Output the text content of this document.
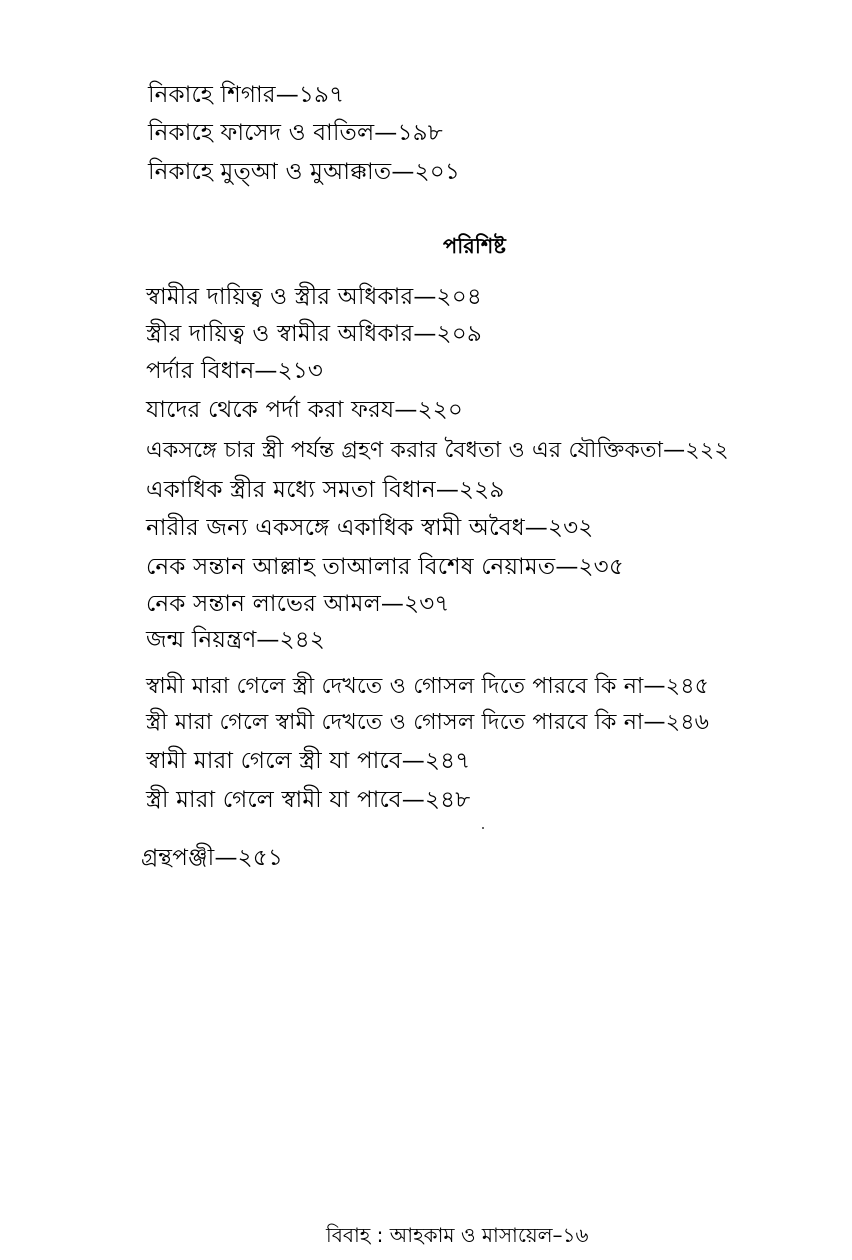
নিকাহে শিগার—১৯৭
নিকাহে ফাসেদ ও বাতিল—১৯৮
নিকাহে মুত্‌আ ও মুআক্কাত—২০১
পরিশিষ্ট
স্বামীর দায়িত্ব ও স্ত্রীর অধিকার—২০৪
স্ত্রীর দায়িত্ব ও স্বামীর অধিকার—২০৯
পর্দার বিধান—২১৩
যাদের থেকে পর্দা করা ফরয—২২০
একসঙ্গে চার স্ত্রী পর্যন্ত গ্রহণ করার বৈধতা ও এর যৌক্তিকতা—২২২
একাধিক স্ত্রীর মধ্যে সমতা বিধান—২২৯
নারীর জন্য একসঙ্গে একাধিক স্বামী অবৈধ—২৩২
নেক সন্তান আল্লাহ তাআলার বিশেষ নেয়ামত—২৩৫
নেক সন্তান লাভের আমল—২৩৭
জন্ম নিয়ন্ত্রণ—২৪২
স্বামী মারা গেলে স্ত্রী দেখতে ও গোসল দিতে পারবে কি না—২৪৫
স্ত্রী মারা গেলে স্বামী দেখতে ও গোসল দিতে পারবে কি না—২৪৬
স্বামী মারা গেলে স্ত্রী যা পাবে—২৪৭
স্ত্রী মারা গেলে স্বামী যা পাবে—২৪৮
গ্রন্থপঞ্জী—২৫১
বিবাহ : আহকাম ও মাসায়েল–১৬
